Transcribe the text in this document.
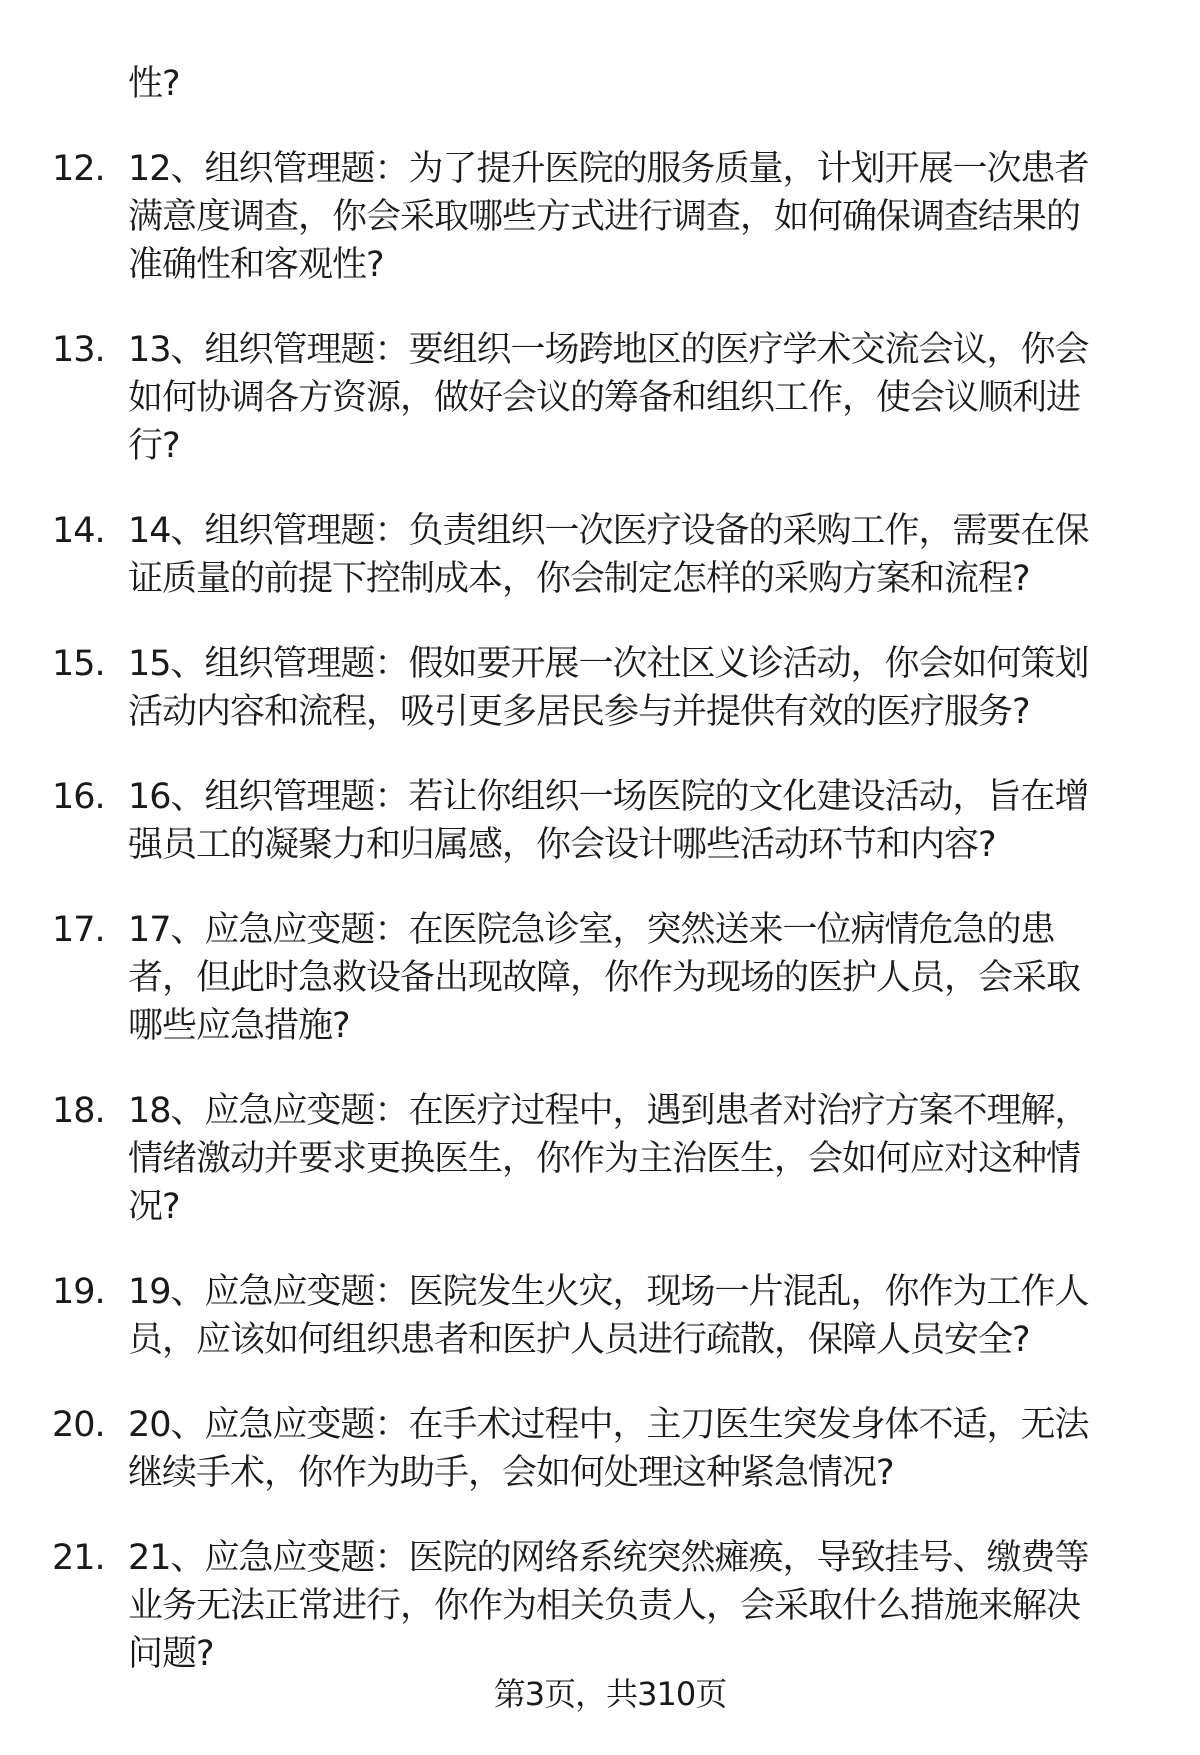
性?
12. 12、组织管理题：为了提升医院的服务质量，计划开展一次患者
满意度调查，你会采取哪些方式进行调查，如何确保调查结果的
准确性和客观性?
13. 13、组织管理题：要组织一场跨地区的医疗学术交流会议，你会
如何协调各方资源，做好会议的筹备和组织工作，使会议顺利进
行?
14. 14、组织管理题：负责组织一次医疗设备的采购工作，需要在保
证质量的前提下控制成本，你会制定怎样的采购方案和流程?
15. 15、组织管理题：假如要开展一次社区义诊活动，你会如何策划
活动内容和流程，吸引更多居民参与并提供有效的医疗服务?
16. 16、组织管理题：若让你组织一场医院的文化建设活动，旨在增
强员工的凝聚力和归属感，你会设计哪些活动环节和内容?
17. 17、应急应变题：在医院急诊室，突然送来一位病情危急的患
者，但此时急救设备出现故障，你作为现场的医护人员，会采取
哪些应急措施?
18. 18、应急应变题：在医疗过程中，遇到患者对治疗方案不理解，
情绪激动并要求更换医生，你作为主治医生，会如何应对这种情
况?
19. 19、应急应变题：医院发生火灾，现场一片混乱，你作为工作人
员，应该如何组织患者和医护人员进行疏散，保障人员安全?
20. 20、应急应变题：在手术过程中，主刀医生突发身体不适，无法
继续手术，你作为助手，会如何处理这种紧急情况?
21. 21、应急应变题：医院的网络系统突然瘫痪，导致挂号、缴费等
业务无法正常进行，你作为相关负责人，会采取什么措施来解决
问题?
第3页，共310页
